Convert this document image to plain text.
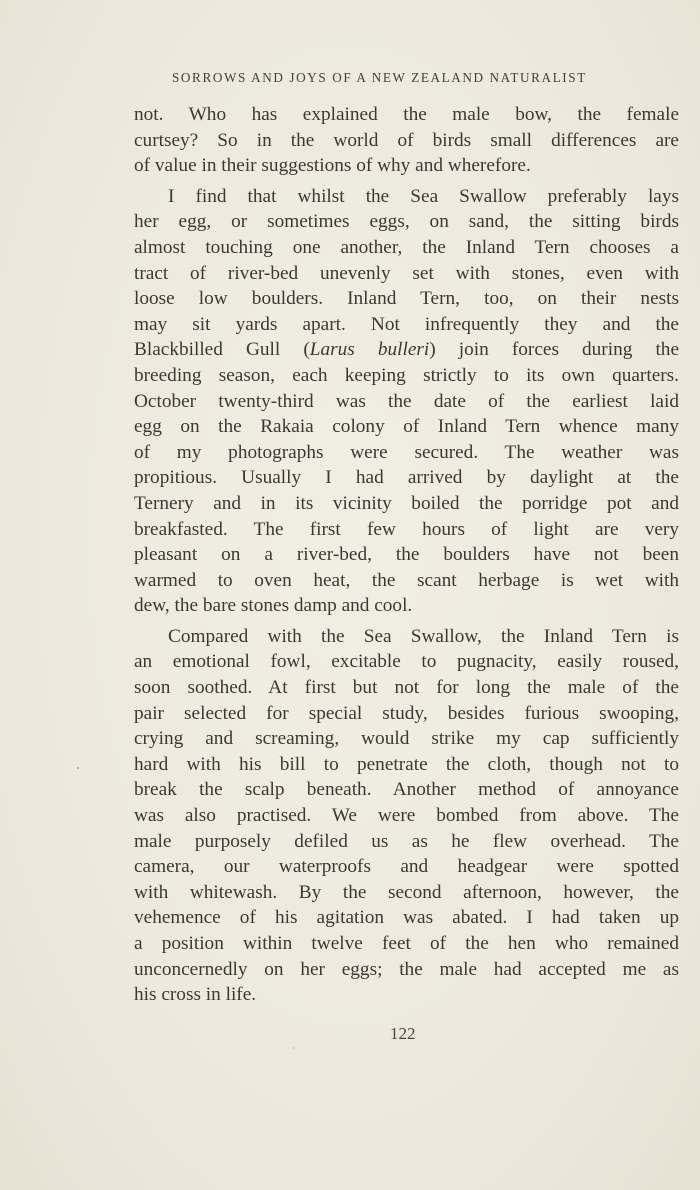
SORROWS AND JOYS OF A NEW ZEALAND NATURALIST

not. Who has explained the male bow, the female
curtsey? So in the world of birds small differences are
of value in their suggestions of why and wherefore.

I find that whilst the Sea Swallow preferably lays
her egg, or sometimes eggs, on sand, the sitting birds
almost touching one another, the Inland Tern chooses a
tract of river-bed unevenly set with stones, even with
loose low boulders. Inland Tern, too, on their nests
may sit yards apart. Not infrequently they and the
Blackbilled Gull (Larus bulleri) join forces during the
breeding season, each keeping strictly to its own quarters.
October twenty-third was the date of the earliest laid
egg on the Rakaia colony of Inland Tern whence many
of my photographs were secured. The weather was
propitious. Usually I had arrived by daylight at the
Ternery and in its vicinity boiled the porridge pot and
breakfasted. The first few hours of light are very
pleasant on a river-bed, the boulders have not been
warmed to oven heat, the scant herbage is wet with
dew, the bare stones damp and cool.

Compared with the Sea Swallow, the Inland Tern is
an emotional fowl, excitable to pugnacity, easily roused,
soon soothed. At first but not for long the male of the
pair selected for special study, besides furious swooping,
crying and screaming, would strike my cap sufficiently
hard with his bill to penetrate the cloth, though not to
break the scalp beneath. Another method of annoyance
was also practised. We were bombed from above. The
male purposely defiled us as he flew overhead. The
camera, our waterproofs and headgear were spotted
with whitewash. By the second afternoon, however, the
vehemence of his agitation was abated. I had taken up
a position within twelve feet of the hen who remained
unconcernedly on her eggs; the male had accepted me as
his cross in life.

122
